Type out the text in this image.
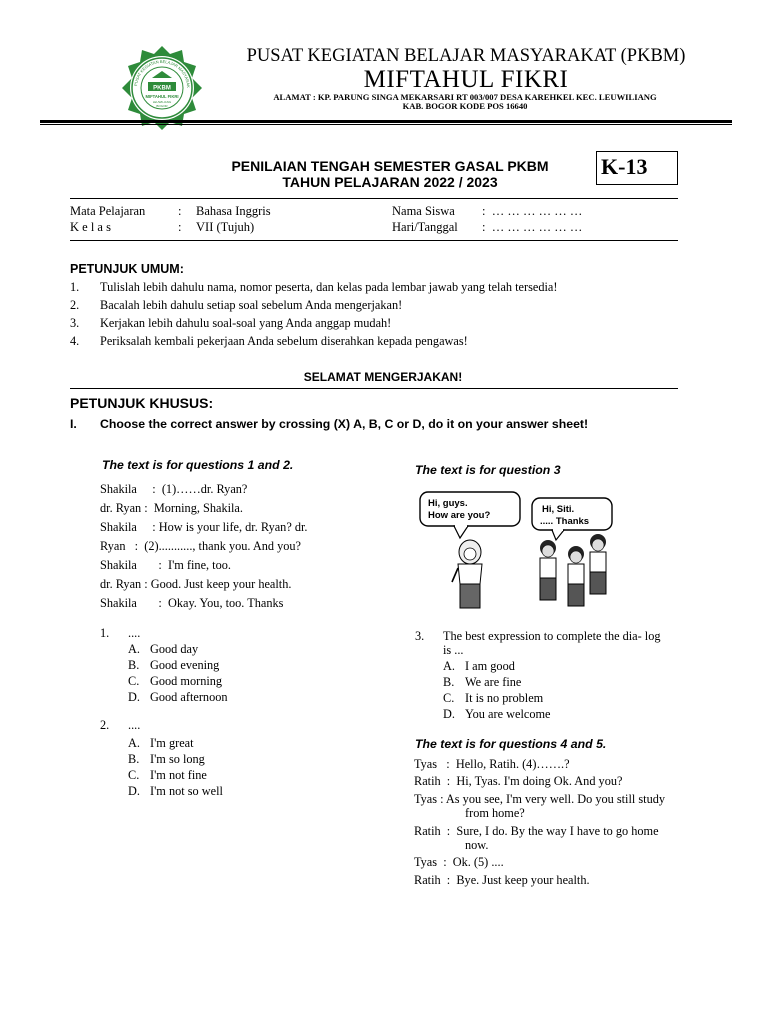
PKBM
MIFTAHUL FIKRI
LEUWILIANG
BOGOR
PUSAT KEGIATAN BELAJAR MASYARAK
PUSAT KEGIATAN BELAJAR MASYARAKAT (PKBM)
MIFTAHUL FIKRI
ALAMAT : KP. PARUNG SINGA MEKARSARI RT 003/007 DESA KAREHKEL KEC. LEUWILIANG
KAB. BOGOR KODE POS 16640
PENILAIAN TENGAH SEMESTER GASAL PKBM
TAHUN PELAJARAN 2022 / 2023
K-13
Mata Pelajaran	: Bahasa Inggris
K e l a s	: VII (Tujuh)
Nama Siswa :  … … … … … …
Hari/Tanggal :  … … … … … …
PETUNJUK UMUM:
1. Tulislah lebih dahulu nama, nomor peserta, dan kelas pada lembar jawab yang telah tersedia!
2. Bacalah lebih dahulu setiap soal sebelum Anda mengerjakan!
3. Kerjakan lebih dahulu soal-soal yang Anda anggap mudah!
4. Periksalah kembali pekerjaan Anda sebelum diserahkan kepada pengawas!
SELAMAT MENGERJAKAN!
PETUNJUK KHUSUS:
I. Choose the correct answer by crossing (X) A, B, C or D, do it on your answer sheet!
The text is for questions 1 and 2.
Shakila     :  (1)……dr. Ryan?
dr. Ryan :  Morning, Shakila.
Shakila     : How is your life, dr. Ryan? dr.
Ryan   :  (2)..........., thank you. And you?
Shakila       :  I'm fine, too.
dr. Ryan : Good. Just keep your health.
Shakila       :  Okay. You, too. Thanks
1. ....
A. Good day
B. Good evening
C. Good morning
D. Good afternoon
2. ....
A. I'm great
B. I'm so long
C. I'm not fine
D. I'm not so well
The text is for question 3
Hi, guys.
How are you?
Hi, Siti.
..... Thanks
3. The best expression to complete the dia- log
is ...
A. I am good
B. We are fine
C. It is no problem
D. You are welcome
The text is for questions 4 and 5.
Tyas   :  Hello, Ratih. (4)…….?
Ratih  :  Hi, Tyas. I'm doing Ok. And you?
Tyas : As you see, I'm very well. Do you still study
from home?
Ratih  :  Sure, I do. By the way I have to go home
now.
Tyas  :  Ok. (5) ....
Ratih  :  Bye. Just keep your health.
